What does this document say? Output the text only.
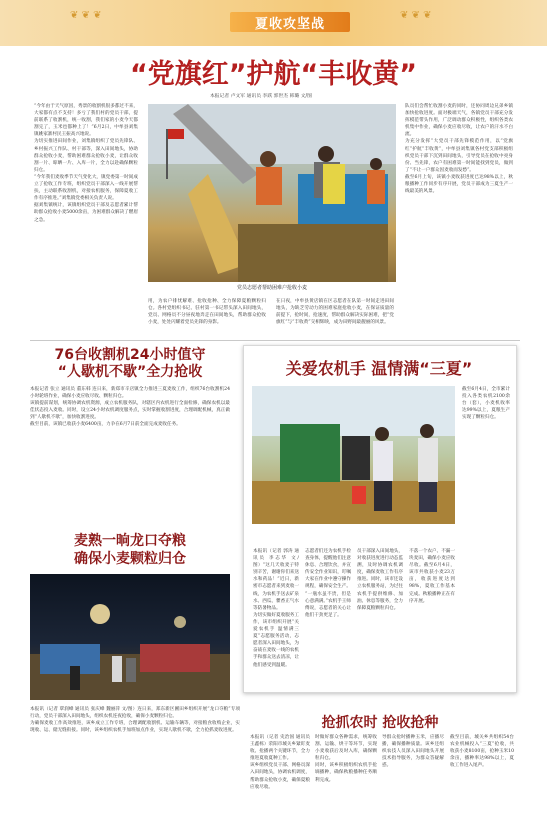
❦ ❦ ❦	❦ ❦ ❦
夏收攻坚战
“党旗红”护航“丰收黄”
本报记者 卢文军 通讯员 李跃 郭世杰 韩璐 文/图
“今年由于天气原因，秀景的收割机很多都过不来，大家都有点不支持！多亏了我们村的党员干部，提前联系了收割机，统一收割，我们家的小麦今天都割完了，玉米也都种上了！”6月2日，中牟县刘集镇姚家寨村民王振高兴地说。
为切实推进田间作业，刘集镇组织了党员先锋队、乡村振兴工作队、村干部等，深入田间地头，协助群众抢收小麦，帮助困难群众抢收小麦，让群众收割一片、晾晒一片、入库一片，全力以赴确保颗粒归仓。
“今年我们麦收季节天气变化大，镇党委第一时间成立了抢收工作专班，组织党员干部深入一线开展帮扶，主动联系收割机，对接农机服务，保障夏收工作有序推进。”刘集镇党委相关负责人说。
据刘集镇统计，该镇组织党员干部及志愿者累计帮助群众抢收小麦5000余亩，为困难群众解决了燃眉之急。
党员志愿者帮助困难户抢收小麦
用，为农户排忧解难、抢收抢种、全力保障夏粮颗粒归仓。各村党组织书记、驻村第一书记带头深入田间地头，党员、网格员不分昼夜地奔走在田间地头，帮助群众抢收小麦，处处闪耀着党员先锋的身影。
在日夜，中牟县黄店镇在区志愿者在队第一时间走进田间地头，为缺乏劳动力的困难家庭抢收小麦，在保证质量的前提下，抢时间，抢速度，帮助群众解决实际困难，把“党旗红”与“丰收黄”交相辉映，成为田野间最靓丽的风景。
队员们会帮忙收割小麦的同时，还协同周边兄弟乡镇加快抢收进度。面对极端天气，各镇党员干部充分发挥模范带头作用，广泛调动群众积极性，组织各类农机集中作业，确保小麦应收尽收，让农户的汗水不白流。
为充分发挥“大党员干部先锋模范作用，以“党旗红”护航“丰收黄”，中牟县刘集镇各村党支部积极组织党员干部下沉到田间地头，引导党员在抢收中亮身份、当先锋，农户有困难第一时间能找到党员，做到了“不让一户群众因麦收而发愁”。
截至6月上旬，该镇小麦收获进度已达98%以上，秋粮播种工作同步有序开展，党员干部成为三夏生产一线最美的风景。
76台收割机24小时值守
“人歇机不歇”全力抢收
本报记者 张立 通讯员 董东韩 连日来，新郑市辛店镇全力推进三夏麦收工作，组织76台收割机24小时轮班作业，确保小麦应收尽收、颗粒归仓。
该镇提前谋划，统筹协调农机资源，成立农机服务队，对辖区内农机进行全面检修，确保农机以最佳状态投入麦收。同时，设立24小时农机调度服务点，实时掌握收割进度，合理调配机械，真正做到“人歇机不歇”，加快收割进度。
截至目前，该镇已收获小麦6400亩，力争在6月7日前全面完成麦收任务。
关爱农机手 温情满“三夏”
本报讯（记者 郭涛 通讯员 李志华 文/图）“这几天收麦子特别辛苦，谢谢你们来送水和药品！”近日，新密市志愿者来到麦收一线，为农机手送去矿泉水、西瓜、藿香正气水等防暑物品。
为切实做好夏收服务工作，该市组织开展“关爱农机手 温情满三夏”志愿服务活动，志愿者深入田间地头，为奋战在麦收一线的农机手和群众送去清凉，让他们感受到温暖。
志愿者们还为农机手检查身体，提醒他们注意休息、合理饮食，并宣传安全作业知识，叮嘱大家在作业中遵守操作规程，确保安全生产。
“一瓶水虽不贵，但是心意满满。”农机手王师傅说，志愿者的关心让他们干劲更足了。
员干部深入田间地头，对收获进度进行动态监测，及时协调农机调度，确保麦收工作有序推进。同时，该市还设立农机服务站，为过往农机手提供维修、加油、休息等服务，全力保障夏粮颗粒归仓。
不落一个农户、不漏一块麦田，确保小麦应收尽收。截至6月4日，该市共收获小麦23万亩，收获进度达到98%，夏收工作基本完成。秋粮播种正在有序开展。
截至6月4日，全市累计投入各类农机2100余台（套），小麦机收率达99%以上，夏粮生产实现了颗粒归仓。
麦熟一晌龙口夺粮
确保小麦颗粒归仓
本报讯（记者 覃润峰 通讯员 张庆峰 魏丽萍 文/图）连日来，郑东新区圃田乡组织开展“龙口夺粮”专项行动，党员干部深入田间地头，组织农机连夜抢收，确保小麦颗粒归仓。
为确保麦收工作高效推进，该乡成立工作专班，合理调配收割机、运输车辆等，对接粮食收购企业，实现收、运、储无缝衔接。同时，该乡组织农机手加班加点作业，实现人歇机不歇，全力抢抓麦收进度。	抢抓农时 抢收抢种
本报讯（记者 史治国 通讯员 王鑫栎）荥阳市城关乡紧盯麦收、抢播两个关键环节，全力推进夏收夏种工作。
该乡组织党员干部、网格员深入田间地头，协调农机调度，帮助群众抢收小麦，确保夏粮应收尽收。
时做好群众各种需求，统筹收割、运输、烘干等环节，实现小麦收获后及时入库，确保颗粒归仓。
同时，该乡积极组织农机手抢墒播种，确保秋粮播种任务顺利完成。
导群众抢时播种玉米，应播尽播，确保播种质量。该乡还组织农技人员深入田间地头开展技术指导服务，为群众答疑解惑。
截至目前，城关乡共组织54台农业机械投入“三夏”抢收，共收获小麦8100亩，抢种玉米10余亩，播种率达98%以上，夏收工作进入尾声。
